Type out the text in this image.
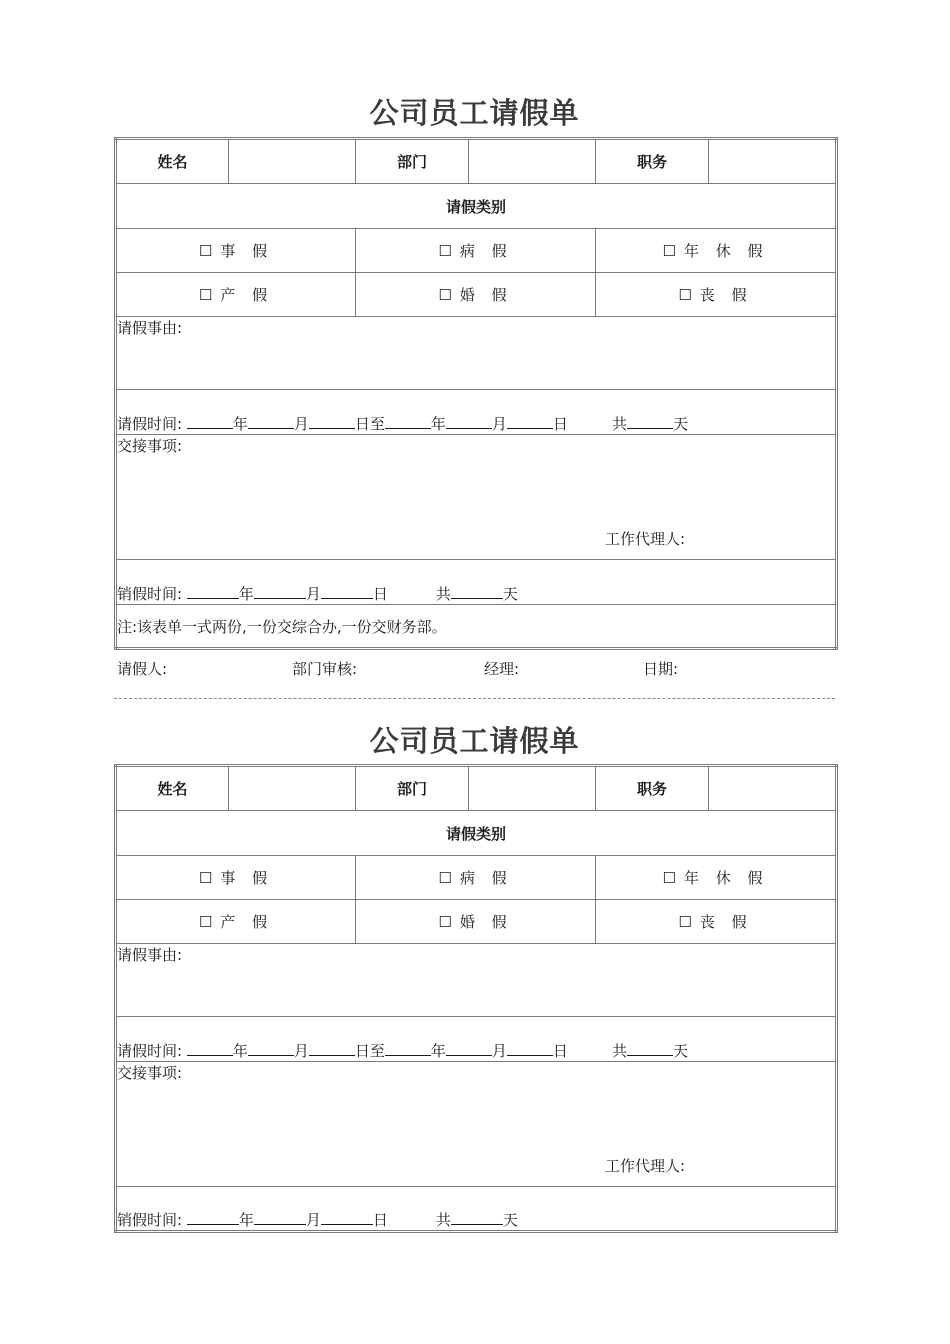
公司员工请假单
姓名		部门		职务	
请假类别					
☐ 事 假		☐ 病 假		☐ 年 休 假	
☐ 产 假		☐ 婚 假		☐ 丧 假	
请假事由:					
请假时间: 年 月 日至 年 月 日 共 天					
交接事项:
工作代理人:					

销假时间: 年 月 日 共 天					
注:该表单一式两份,一份交综合办,一份交财务部。					
请假人:	部门审核:	经理:	日期:
公司员工请假单
姓名		部门		职务	
请假类别					
☐ 事 假		☐ 病 假		☐ 年 休 假	
☐ 产 假		☐ 婚 假		☐ 丧 假	
请假事由:					
请假时间: 年 月 日至 年 月 日 共 天					
交接事项:
工作代理人:					

销假时间: 年 月 日 共 天					
